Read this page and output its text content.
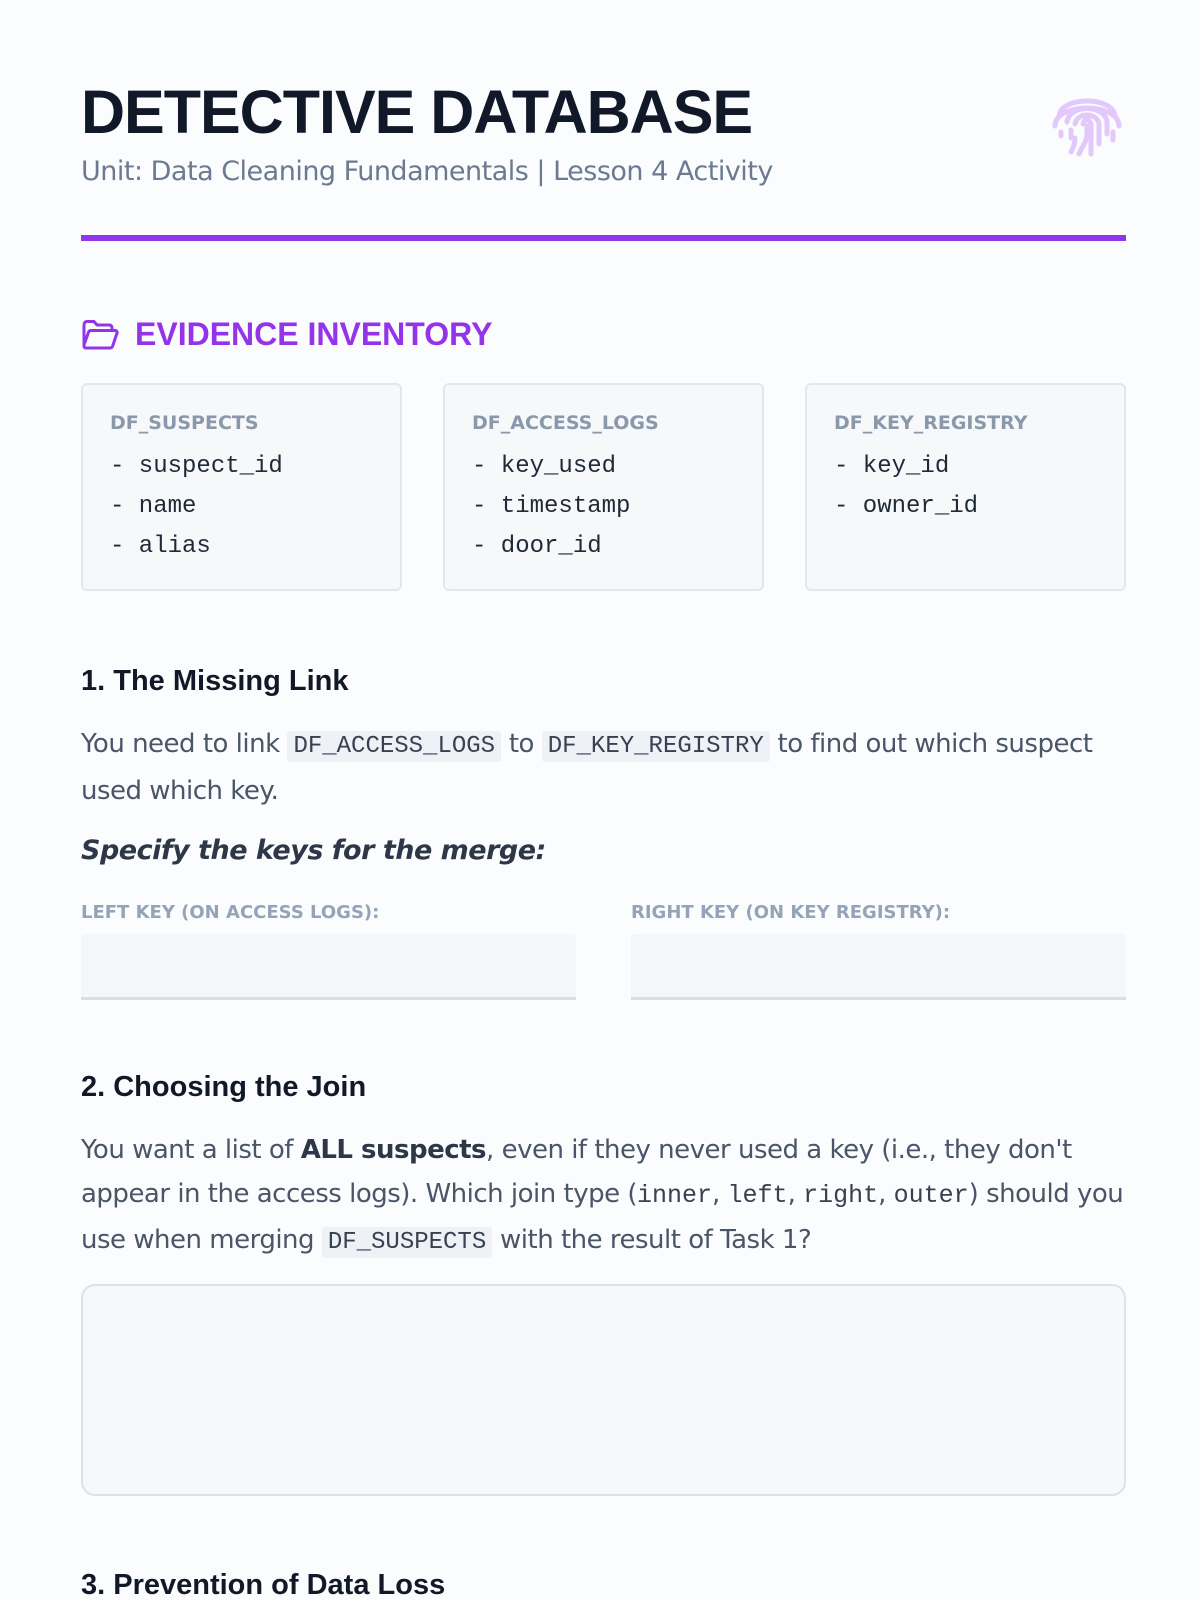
DETECTIVE DATABASE
Unit: Data Cleaning Fundamentals | Lesson 4 Activity
EVIDENCE INVENTORY
DF_SUSPECTS
- suspect_id
- name
- alias
DF_ACCESS_LOGS
- key_used
- timestamp
- door_id
DF_KEY_REGISTRY
- key_id
- owner_id
1. The Missing Link
You need to link DF_ACCESS_LOGS to DF_KEY_REGISTRY to find out which suspect used which key.
Specify the keys for the merge:
LEFT KEY (ON ACCESS LOGS):	RIGHT KEY (ON KEY REGISTRY):
2. Choosing the Join
You want a list of ALL suspects, even if they never used a key (i.e., they don't appear in the access logs). Which join type (inner, left, right, outer) should you use when merging DF_SUSPECTS with the result of Task 1?
3. Prevention of Data Loss
